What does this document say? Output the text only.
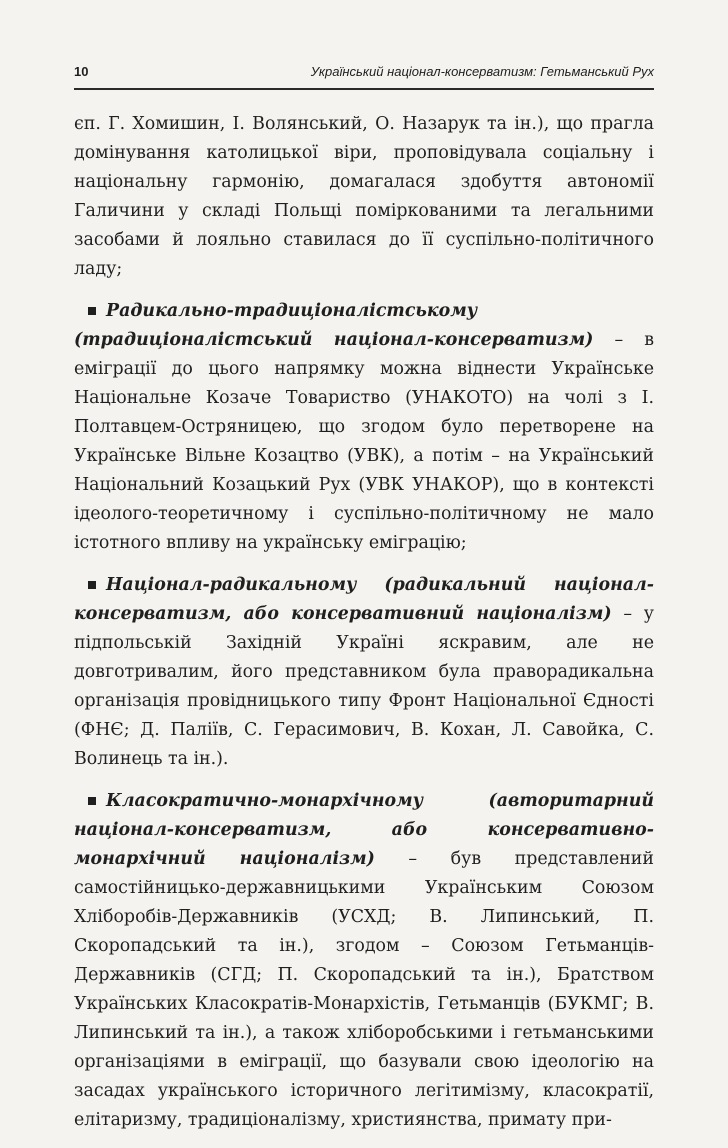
10	Український націонал-консерватизм: Гетьманський Рух

єп. Г. Хомишин, І. Волянський, О. Назарук та ін.), що прагла домінування католицької віри, проповідувала соціальну і національну гармонію, домагалася здобуття автономії Галичини у складі Польщі поміркованими та легальними засобами й лояльно ставилася до її суспільно-політичного ладу;

Радикально-традиціоналістському (традиціоналістський націонал-консерватизм) – в еміграції до цього напрямку можна віднести Українське Національне Козаче Товариство (УНАКОТО) на чолі з І. Полтавцем-Остряницею, що згодом було перетворене на Українське Вільне Козацтво (УВК), а потім – на Український Національний Козацький Рух (УВК УНАКОР), що в контексті ідеолого-теоретичному і суспільно-політичному не мало істотного впливу на українську еміграцію;

Націонал-радикальному (радикальний націонал-консерватизм, або консервативний націоналізм) – у підпольській Західній Україні яскравим, але не довготривалим, його представником була праворадикальна організація провідницького типу Фронт Національної Єдності (ФНЄ; Д. Паліїв, С. Герасимович, В. Кохан, Л. Савойка, С. Волинець та ін.).

Класократично-монархічному (авторитарний націонал-консерватизм, або консервативно-монархічний націоналізм) – був представлений самостійницько-державницькими Українським Союзом Хліборобів-Державників (УСХД; В. Липинський, П. Скоропадський та ін.), згодом – Союзом Гетьманців-Державників (СГД; П. Скоропадський та ін.), Братством Українських Класократів-Монархістів, Гетьманців (БУКМГ; В. Липинський та ін.), а також хліборобськими і гетьманськими організаціями в еміграції, що базували свою ідеологію на засадах українського історичного легітимізму, класократії, елітаризму, традиціоналізму, християнства, примату при-
